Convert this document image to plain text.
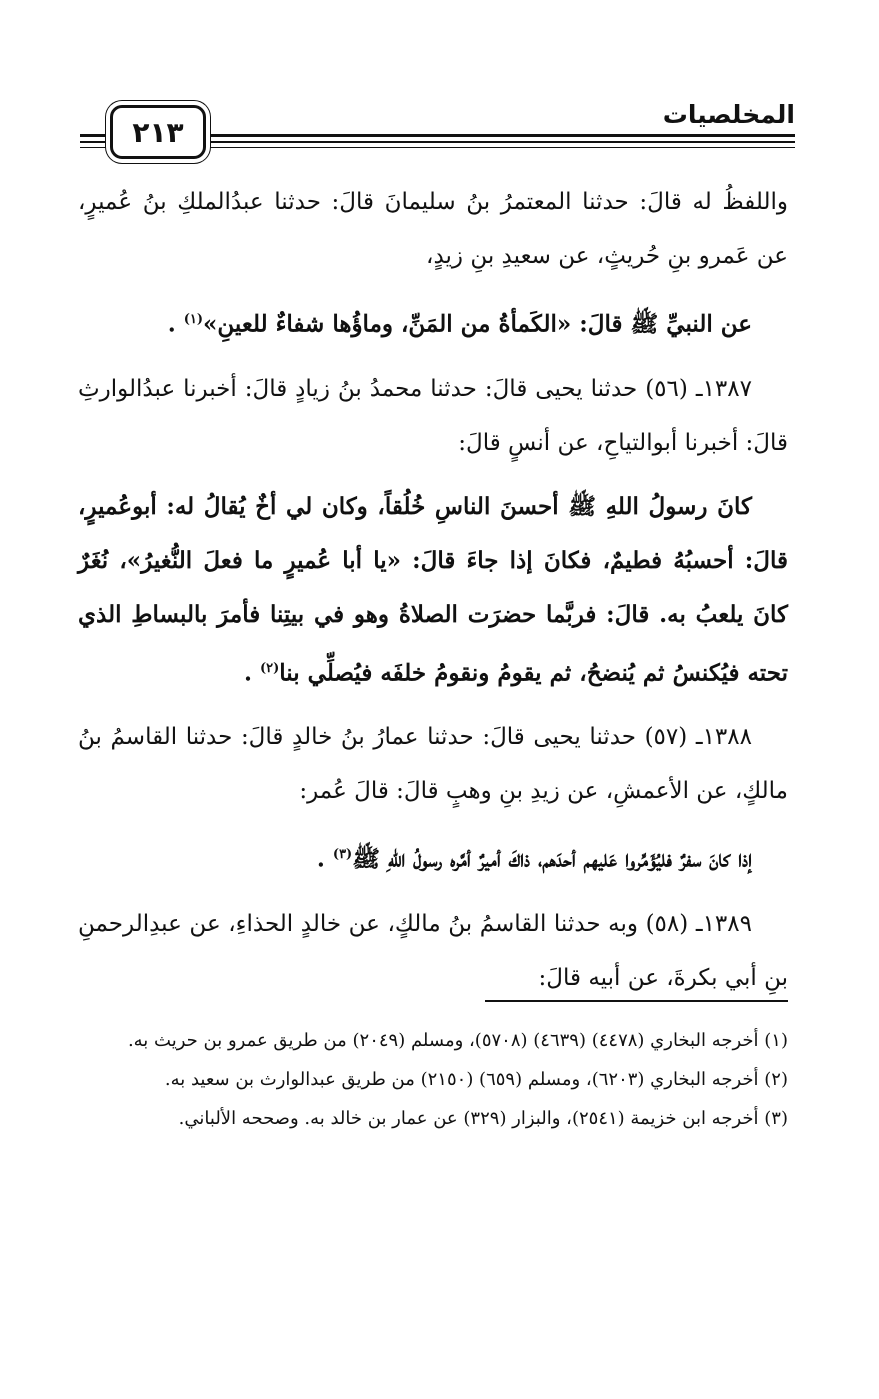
المخلصيات
٢١٣

واللفظُ له قالَ: حدثنا المعتمرُ بنُ سليمانَ قالَ: حدثنا عبدُالملكِ بنُ عُميرٍ، عن عَمرو بنِ حُريثٍ، عن سعيدِ بنِ زيدٍ،

عن النبيِّ ﷺ قالَ: «الكَمأةُ من المَنِّ، وماؤُها شفاءٌ للعينِ»$^{(١)}$ .

١٣٨٧ـ (٥٦) حدثنا يحيى قالَ: حدثنا محمدُ بنُ زيادٍ قالَ: أخبرنا عبدُالوارثِ قالَ: أخبرنا أبوالتياحِ، عن أنسٍ قالَ:

كانَ رسولُ اللهِ ﷺ أحسنَ الناسِ خُلُقاً، وكان لي أخٌ يُقالُ له: أبوعُميرٍ، قالَ: أحسبُهُ فطيمٌ، فكانَ إذا جاءَ قالَ: «يا أبا عُميرٍ ما فعلَ النُّغيرُ»، نُغَرٌ كانَ يلعبُ به. قالَ: فربَّما حضرَت الصلاةُ وهو في بيتِنا فأمرَ بالبساطِ الذي تحته فيُكنسُ ثم يُنضحُ، ثم يقومُ ونقومُ خلفَه فيُصلِّي بنا$^{(٢)}$ .

١٣٨٨ـ (٥٧) حدثنا يحيى قالَ: حدثنا عمارُ بنُ خالدٍ قالَ: حدثنا القاسمُ بنُ مالكٍ، عن الأعمشِ، عن زيدِ بنِ وهبٍ قالَ: قالَ عُمر:

إذا كانَ سفرٌ فليُؤَمِّروا عَليهم أحدَهم، ذاكَ أميرٌ أمَّره رسولُ اللهِ ﷺ$^{(٣)}$ .

١٣٨٩ـ (٥٨) وبه حدثنا القاسمُ بنُ مالكٍ، عن خالدٍ الحذاءِ، عن عبدِالرحمنِ بنِ أبي بكرةَ، عن أبيه قالَ:

(١) أخرجه البخاري (٤٤٧٨) (٤٦٣٩) (٥٧٠٨)، ومسلم (٢٠٤٩) من طريق عمرو بن حريث به.

(٢) أخرجه البخاري (٦٢٠٣)، ومسلم (٦٥٩) (٢١٥٠) من طريق عبدالوارث بن سعيد به.

(٣) أخرجه ابن خزيمة (٢٥٤١)، والبزار (٣٢٩) عن عمار بن خالد به. وصححه الألباني.
